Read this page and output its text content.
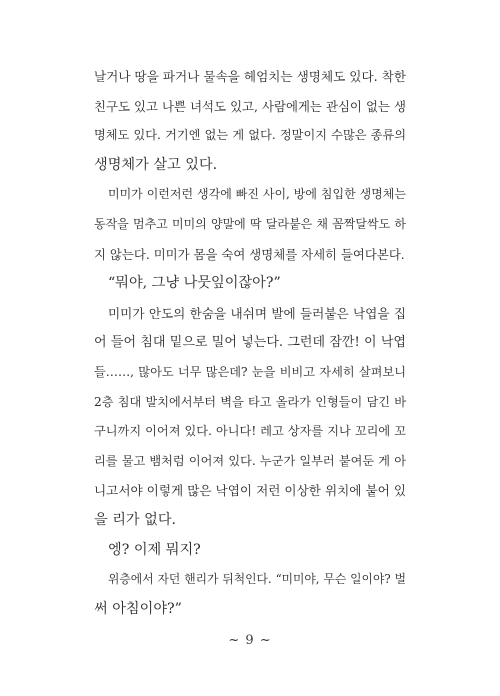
날거나 땅을 파거나 물속을 헤엄치는 생명체도 있다. 착한
친구도 있고 나쁜 녀석도 있고, 사람에게는 관심이 없는 생
명체도 있다. 거기엔 없는 게 없다. 정말이지 수많은 종류의
생명체가 살고 있다.
미미가 이런저런 생각에 빠진 사이, 방에 침입한 생명체는
동작을 멈추고 미미의 양말에 딱 달라붙은 채 꼼짝달싹도 하
지 않는다. 미미가 몸을 숙여 생명체를 자세히 들여다본다.
“뭐야, 그냥 나뭇잎이잖아?”
미미가 안도의 한숨을 내쉬며 발에 들러붙은 낙엽을 집
어 들어 침대 밑으로 밀어 넣는다. 그런데 잠깐! 이 낙엽
들……, 많아도 너무 많은데? 눈을 비비고 자세히 살펴보니
2층 침대 발치에서부터 벽을 타고 올라가 인형들이 담긴 바
구니까지 이어져 있다. 아니다! 레고 상자를 지나 꼬리에 꼬
리를 물고 뱀처럼 이어져 있다. 누군가 일부러 붙여둔 게 아
니고서야 이렇게 많은 낙엽이 저런 이상한 위치에 붙어 있
을 리가 없다.
엥? 이제 뭐지?
위층에서 자던 핸리가 뒤척인다. “미미야, 무슨 일이야? 벌
써 아침이야?”
~ 9 ~
